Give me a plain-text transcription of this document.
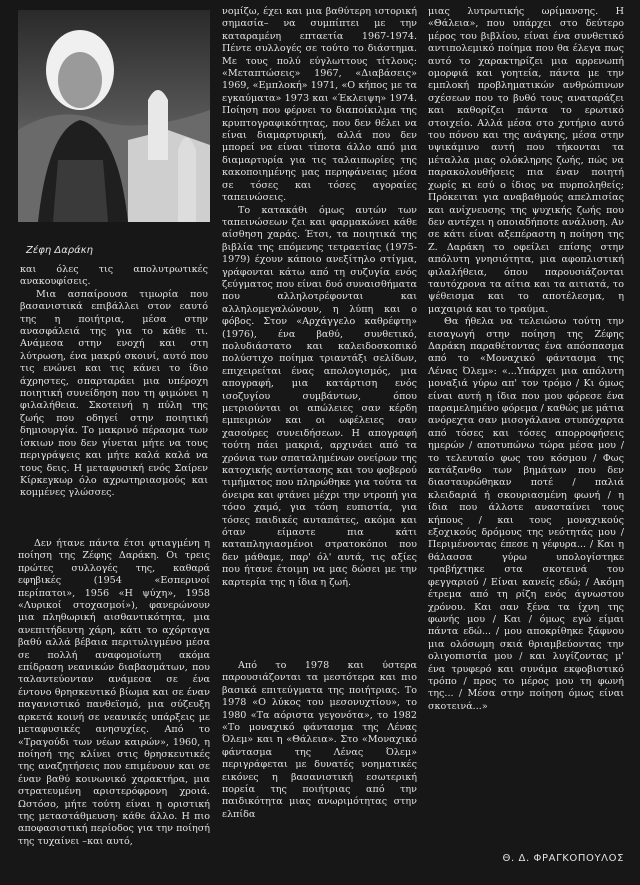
Ζέφη Δαράκη

και όλες τις απολυτρωτικές ανακουφίσεις.

Μια ασπαίρουσα τιμωρία που βασανιστικά επιβάλλει στον εαυτό της η ποιήτρια, μέσα στην ανασφάλειά της για το κάθε τι. Ανάμεσα στην ενοχή και στη λύτρωση, ένα μακρύ σκοινί, αυτό που τις ενώνει και τις κάνει το ίδιο άχρηστες, σπαρταράει μια υπέροχη ποιητική συνείδηση που τη φιμώνει η φιλαλήθεια. Σκοτεινή η πύλη της ζωής που οδηγεί στην ποιητική δημιουργία. Το μακρινό πέρασμα των ίσκιων που δεν γίνεται μήτε να τους περιγράψεις και μήτε καλά καλά να τους δεις. Η μεταφυσική ενός Σαίρεν Κίρκεγκωρ όλο αχρωτηριασμούς και κομμένες γλώσσες.

Δεν ήτανε πάντα έτσι φτιαγμένη η ποίηση της Ζέφης Δαράκη. Οι τρεις πρώτες συλλογές της, καθαρά εφηβικές (1954 «Εσπερινοί περίπατοι», 1956 «Η ψύχη», 1958 «Λυρικοί στοχασμοί»), φανερώνουν μια πληθωρική αισθαντικότητα, μια ανεπιτήδευτη χάρη, κάτι το αχόρταγα βαθύ αλλά βέβαια περιτυλιγμένο μέσα σε πολλή αναφομοίωτη ακόμα επίδραση νεανικών διαβασμάτων, που ταλαντεύονταν ανάμεσα σε ένα έντονο θρησκευτικό βίωμα και σε έναν παγανιστικό πανθεϊσμό, μια σύζευξη αρκετά κοινή σε νεανικές υπάρξεις με μεταφυσικές ανησυχίες. Από το «Τραγούδι των νέων καιρών», 1960, η ποίησή της κλίνει στις θρησκευτικές της αναζητήσεις που επιμένουν και σε έναν βαθύ κοινωνικό χαρακτήρα, μια στρατευμένη αριστερόφρονη χροιά. Ωστόσο, μήτε τούτη είναι η οριστική της μεταστάθμευση· κάθε άλλο. Η πιο αποφασιστική περίοδος για την ποίησή της τυχαίνει –και αυτό,

νομίζω, έχει και μια βαθύτερη ιστορική σημασία– να συμπίπτει με την καταραμένη επταετία 1967-1974. Πέντε συλλογές σε τούτο το διάστημα. Με τους πολύ εύγλωττους τίτλους: «Μεταπτώσεις» 1967, «Διαβάσεις» 1969, «Εμπλοκή» 1971, «Ο κήπος με τα εγκαύματα» 1973 και «Έκλειψη» 1974. Ποίηση που φέρνει το διαποίκιλμα της κρυπτογραφικότητας, που δεν θέλει να είναι διαμαρτυρική, αλλά που δεν μπορεί να είναι τίποτα άλλο από μια διαμαρτυρία για τις ταλαιπωρίες της κακοποιημένης μας περηφάνειας μέσα σε τόσες και τόσες αγοραίες ταπεινώσεις.

Το κατακάθι όμως αυτών των ταπεινώσεων ζει και φαρμακώνει κάθε αίσθηση χαράς. Έτσι, τα ποιητικά της βιβλία της επόμενης τετραετίας (1975-1979) έχουν κάποιο ανεξίτηλο στίγμα, γράφονται κάτω από τη συζυγία ενός ζεύγματος που είναι δυό συναισθήματα που αλληλοτρέφονται και αλληλομεγαλώνουν, η λύπη και ο φόβος. Στον «Αρχάγγελο καθρέφτη» (1976), ένα βαθύ, συνθετικό, πολυδιάστατο και καλειδοσκοπικό πολύστιχο ποίημα τριαντάξι σελίδων, επιχειρείται ένας απολογισμός, μια απογραφή, μια κατάρτιση ενός ισοζυγίου συμβάντων, όπου μετριούνται οι απώλειες σαν κέρδη εμπειριών και οι ωφέλειες σαν χασούρες συνειδήσεων. Η απογραφή τούτη πάει μακριά, αρχινάει από τα χρόνια των σπαταλημένων ονείρων της κατοχικής αντίστασης και του φοβερού τιμήματος που πληρώθηκε για τούτα τα όνειρα και φτάνει μέχρι την ντροπή για τόσο χαμό, για τόση ευπιστία, για τόσες παιδικές αυταπάτες, ακόμα και όταν είμαστε πια κάτι καταπληγιασμένοι στρατοκόποι που δεν μάθαμε, παρ' όλ' αυτά, τις αξίες που ήτανε έτοιμη να μας δώσει με την καρτερία της η ίδια η ζωή.

Από το 1978 και ύστερα παρουσιάζονται τα μεστότερα και πιο βασικά επιτεύγματα της ποιήτριας. Το 1978 «Ο λύκος του μεσονυχτίου», το 1980 «Τα αόριστα γεγονότα», το 1982 «Το μοναχικό φάντασμα της Λένας Όλεμ» και η «Θάλεια». Στο «Μοναχικό φάντασμα της Λένας Όλεμ» περιγράφεται με δυνατές νοηματικές εικόνες η βασανιστική εσωτερική πορεία της ποιήτριας από την παιδικότητα μιας ανωριμότητας στην ελπίδα

μιας λυτρωτικής ωρίμανσης. Η «Θάλεια», που υπάρχει στο δεύτερο μέρος του βιβλίου, είναι ένα συνθετικό αντιπολεμικό ποίημα που θα έλεγα πως αυτό το χαρακτηρίζει μια αρρενωπή ομορφιά και γοητεία, πάντα με την εμπλοκή προβληματικών ανθρώπινων σχέσεων που το βυθό τους αναταράζει και καθορίζει πάντα το ερωτικό στοιχείο. Αλλά μέσα στο χυτήριο αυτό του πόνου και της ανάγκης, μέσα στην υψικάμινο αυτή που τήκονται τα μέταλλα μιας ολόκληρης ζωής, πώς να παρακολουθήσεις πια έναν ποιητή χωρίς κι εσύ ο ίδιος να πυρποληθείς; Πρόκειται για αναβαθμούς απελπισίας και ανίχνευσης της ψυχικής ζωής που δεν αντέχει η οποιαδήποτε ανάλυση. Αν σε κάτι είναι αξεπέραστη η ποίηση της Ζ. Δαράκη το οφείλει επίσης στην απόλυτη γνησιότητα, μια αφοπλιστική φιλαλήθεια, όπου παρουσιάζονται ταυτόχρονα τα αίτια και τα αιτιατά, το ψέθεισμα και το αποτέλεσμα, η μαχαιριά και το τραύμα.

Θα ήθελα να τελειώσω τούτη την εισαγωγή στην ποίηση της Ζέφης Δαράκη παραθέτοντας ένα απόσπασμα από το «Μοναχικό φάντασμα της Λένας Όλεμ»: «...Υπάρχει μια απόλυτη μοναξιά γύρω απ' τον τρόμο / Κι όμως είναι αυτή η ίδια που μου φόρεσε ένα παραμελημένο φόρεμα / καθώς με μάτια ανόρεχτα σαν μισογάλανα στυπόχαρτα από τόσες και τόσες απορροφήσεις ημερών / αποτυπώνω τώρα μέσα μου / το τελευταίο φως του κόσμου / Φως κατάξανθο των βημάτων που δεν διασταυρώθηκαν ποτέ / παλιά κλειδαριά ή σκουριασμένη φωνή / η ίδια που άλλοτε ανασταίνει τους κήπους / και τους μοναχικούς εξοχικούς δρόμους της νεότητάς μου / Περιμένοντας έπεσε η γέφυρα... / Και η θάλασσα γύρω υπολογίστηκε τραβήχτηκε στα σκοτεινά του φεγγαριού / Είναι κανείς εδώ; / Ακόμη έτρεμα από τη ρίζη ενός άγνωστου χρόνου. Και σαν ξένα τα ίχνη της φωνής μου / Και / όμως εγώ είμαι πάντα εδώ... / μου αποκρίθηκε ξάφνου μια ολόσωμη σκιά θριαμβεύοντας την ολιγοπιστία μου / και λυγίζοντας μ' ένα τρυφερό και συνάμα εκφοβιστικό τρόπο / προς το μέρος μου τη φωνή της... / Μέσα στην ποίηση όμως είναι σκοτεινά...»

Θ. Δ. ΦΡΑΓΚΟΠΟΥΛΟΣ
